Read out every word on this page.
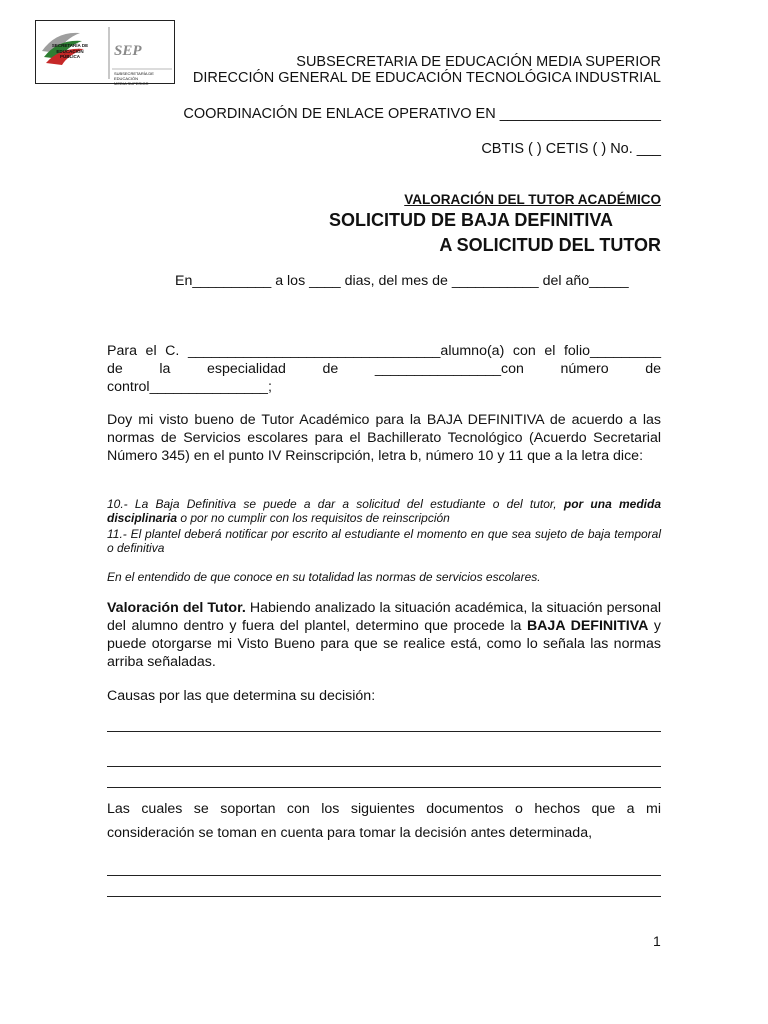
SECRETARÍA DE
EDUCACIÓN
PÚBLICA	SEP
SUBSECRETARÍA DE EDUCACIÓN
MEDIA SUPERIOR
SUBSECRETARIA DE EDUCACIÓN MEDIA SUPERIOR
DIRECCIÓN GENERAL DE EDUCACIÓN TECNOLÓGICA INDUSTRIAL
COORDINACIÓN DE ENLACE OPERATIVO EN ____________________
CBTIS ( ) CETIS ( ) No. ___
VALORACIÓN DEL TUTOR ACADÉMICO
SOLICITUD DE BAJA DEFINITIVA
A SOLICITUD DEL TUTOR
En__________ a los ____ dias, del mes de ___________ del año_____
Para el C. ________________________________alumno(a) con el folio_________
de	la	especialidad	de	________________con	número	de
control_______________;
Doy mi visto bueno de Tutor Académico para la BAJA DEFINITIVA de acuerdo a las normas de Servicios escolares para el Bachillerato Tecnológico (Acuerdo Secretarial Número 345) en el punto IV Reinscripción, letra b, número 10 y 11 que a la letra dice:
10.- La Baja Definitiva se puede a dar a solicitud del estudiante o del tutor, por una medida disciplinaria o por no cumplir con los requisitos de reinscripción
11.- El plantel deberá notificar por escrito al estudiante el momento en que sea sujeto de baja temporal o definitiva
En el entendido de que conoce en su totalidad las normas de servicios escolares.
Valoración del Tutor. Habiendo analizado la situación académica, la situación personal del alumno dentro y fuera del plantel, determino que procede la BAJA DEFINITIVA y puede otorgarse mi Visto Bueno para que se realice está, como lo señala las normas arriba señaladas.
Causas por las que determina su decisión:
Las cuales se soportan con los siguientes documentos o hechos que a mi consideración se toman en cuenta para tomar la decisión antes determinada,
1
